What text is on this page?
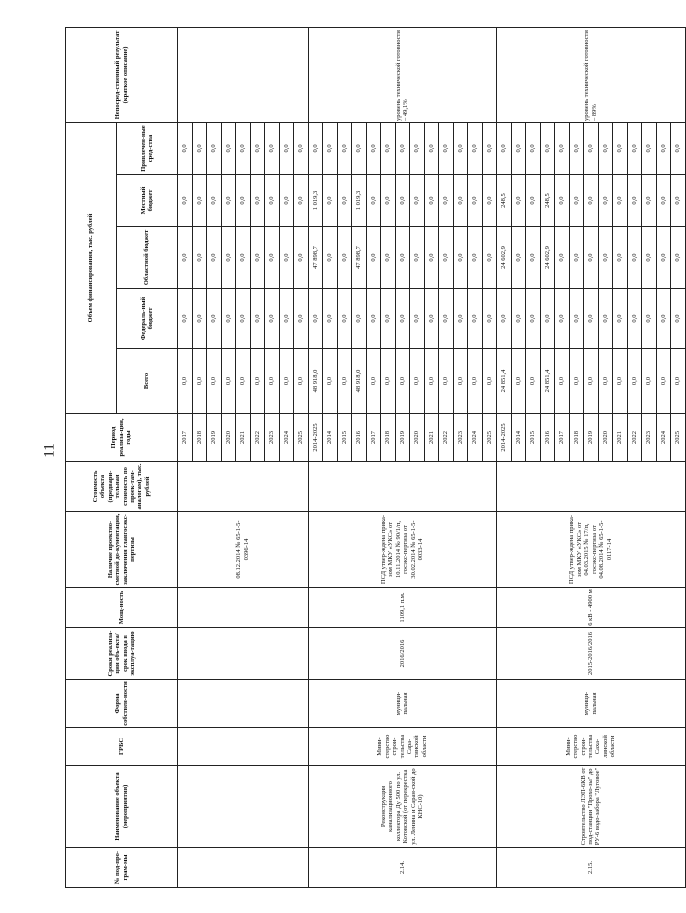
11
№ под-про-грам-мы	Наименование объекта (мероприятия)	ГРБС	Форма собствен-ности	Сроки реализа-ции объ-екта/срок ввода в эксплуа-тацию	Мощ-ность	Наличие проектно-сметной до-кументации, заключения главгосэкс-пертизы	Стоимость объекта (предвари-тельная стоимость по проек-там-аналогам), тыс. рублей	Период реализа-ции, годы	Объем финансирования, тыс. рублей					Непосред-ственный результат (краткое описание)
									Всего	Федераль-ный бюджет	Областной бюджет	Местный бюджет	Привлечен-ные сред-ства	
						08.12.2014 № 65-1-5-0396-14		2017	0,0	0,0	0,0	0,0	0,0	
								2018	0,0	0,0	0,0	0,0	0,0	
								2019	0,0	0,0	0,0	0,0	0,0	
								2020	0,0	0,0	0,0	0,0	0,0	
								2021	0,0	0,0	0,0	0,0	0,0	
								2022	0,0	0,0	0,0	0,0	0,0	
								2023	0,0	0,0	0,0	0,0	0,0	
								2024	0,0	0,0	0,0	0,0	0,0	
								2025	0,0	0,0	0,0	0,0	0,0	
2.14.	Реконструкция канализационного коллектора Ду 500 по ул. Котовской (от перекрестка ул. Ленина и Саран-ской до КНС-10)	Мини-стерство строи-тельства Сара-тинской области	муници-пальная	2016/2016	1109,1 п.м.	ПСД утвер-ждена прика-зом МКУ «УКС» от 10.11.2014 № 90/1/п, госэкс-пертиза от 30.02.2014 № 65-1-5-0033-14		2014-2025	48 918,0	0,0	47 898,7	1 019,3	0,0	уровень технической готовности – 49,1%
								2014	0,0	0,0	0,0	0,0	0,0	
								2015	0,0	0,0	0,0	0,0	0,0	
								2016	48 918,0	0,0	47 898,7	1 019,3	0,0	
								2017	0,0	0,0	0,0	0,0	0,0	
								2018	0,0	0,0	0,0	0,0	0,0	
								2019	0,0	0,0	0,0	0,0	0,0	
								2020	0,0	0,0	0,0	0,0	0,0	
								2021	0,0	0,0	0,0	0,0	0,0	
								2022	0,0	0,0	0,0	0,0	0,0	
								2023	0,0	0,0	0,0	0,0	0,0	
								2024	0,0	0,0	0,0	0,0	0,0	
								2025	0,0	0,0	0,0	0,0	0,0	
2.15.	Строительство ЛЭП-6КВ от под-станции "Прохо-зы" до РУ-6 водо-забора "Луговое"	Мини-стерство строи-тельства Саха-линской области	муници-пальная	2015-2016/2016	6 кВ - 4900 м	ПСД утвер-ждена прика-зом МКУ «УКС» от 04.03.2015 № 17/п, госэкс-пертиза от 04.08.2014 № 65-1-5-0117-14		2014-2025	24 851,4	0,0	24 602,9	248,5	0,0	уровень технической готовности – 89%
								2014	0,0	0,0	0,0	0,0	0,0	
								2015	0,0	0,0	0,0	0,0	0,0	
								2016	24 851,4	0,0	24 602,9	248,5	0,0	
								2017	0,0	0,0	0,0	0,0	0,0	
								2018	0,0	0,0	0,0	0,0	0,0	
								2019	0,0	0,0	0,0	0,0	0,0	
								2020	0,0	0,0	0,0	0,0	0,0	
								2021	0,0	0,0	0,0	0,0	0,0	
								2022	0,0	0,0	0,0	0,0	0,0	
								2023	0,0	0,0	0,0	0,0	0,0	
								2024	0,0	0,0	0,0	0,0	0,0	
								2025	0,0	0,0	0,0	0,0	0,0	
